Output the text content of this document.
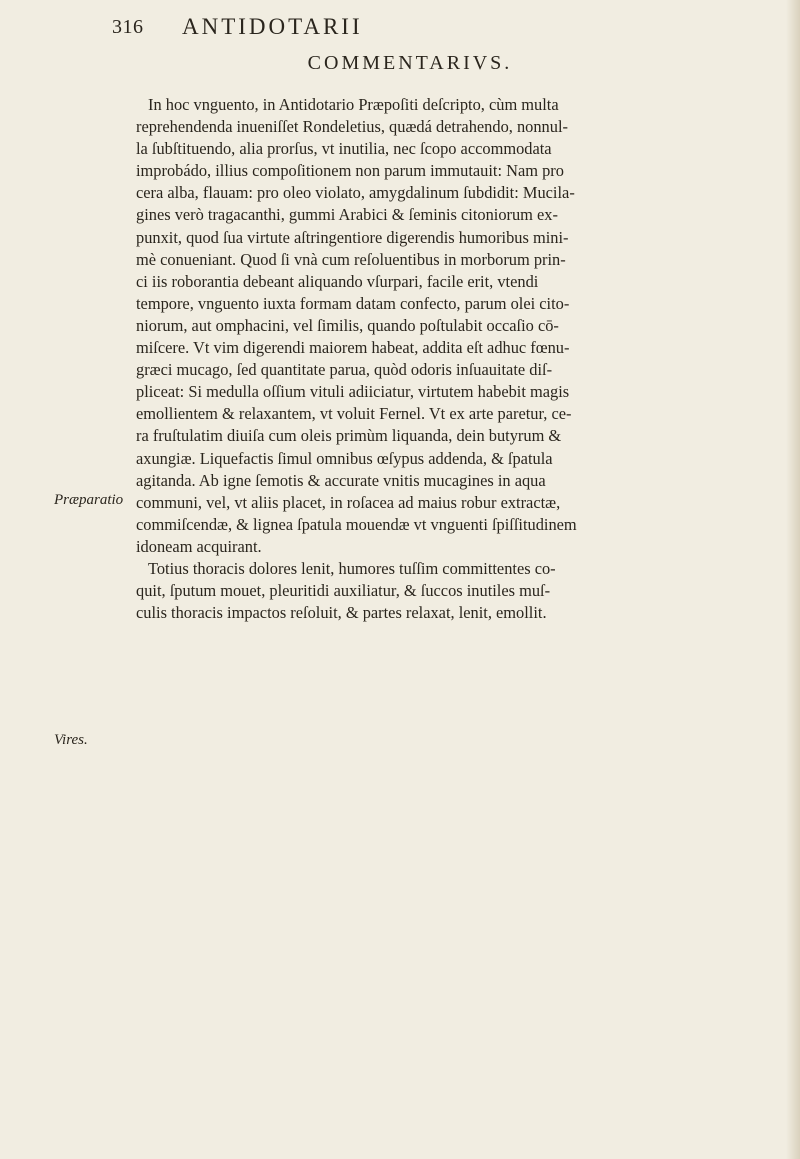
316 ANTIDOTARII
COMMENTARIVS.
Præparatio
Vires.
In hoc vnguento, in Antidotario Præpoſiti deſcripto, cùm multa
reprehendenda inueniſſet Rondeletius, quædá detrahendo, nonnul-
la ſubſtituendo, alia prorſus, vt inutilia, nec ſcopo accommodata
improbádo, illius compoſitionem non parum immutauit: Nam pro
cera alba, flauam: pro oleo violato, amygdalinum ſubdidit: Mucila-
gines verò tragacanthi, gummi Arabici & ſeminis citoniorum ex-
punxit, quod ſua virtute aſtringentiore digerendis humoribus mini-
mè conueniant. Quod ſi vnà cum reſoluentibus in morborum prin-
ci iis roborantia debeant aliquando vſurpari, facile erit, vtendi
tempore, vnguento iuxta formam datam confecto, parum olei cito-
niorum, aut omphacini, vel ſimilis, quando poſtulabit occaſio cō-
miſcere. Vt vim digerendi maiorem habeat, addita eſt adhuc fœnu-
græci mucago, ſed quantitate parua, quòd odoris inſuauitate diſ-
pliceat: Si medulla oſſium vituli adiiciatur, virtutem habebit magis
emollientem & relaxantem, vt voluit Fernel. Vt ex arte paretur, ce-
ra fruſtulatim diuiſa cum oleis primùm liquanda, dein butyrum &
axungiæ. Liquefactis ſimul omnibus œſypus addenda, & ſpatula
agitanda. Ab igne ſemotis & accurate vnitis mucagines in aqua
communi, vel, vt aliis placet, in roſacea ad maius robur extractæ,
commiſcendæ, & lignea ſpatula mouendæ vt vnguenti ſpiſſitudinem
idoneam acquirant.
Totius thoracis dolores lenit, humores tuſſim committentes co-
quit, ſputum mouet, pleuritidi auxiliatur, & ſuccos inutiles muſ-
culis thoracis impactos reſoluit, & partes relaxat, lenit, emollit.
